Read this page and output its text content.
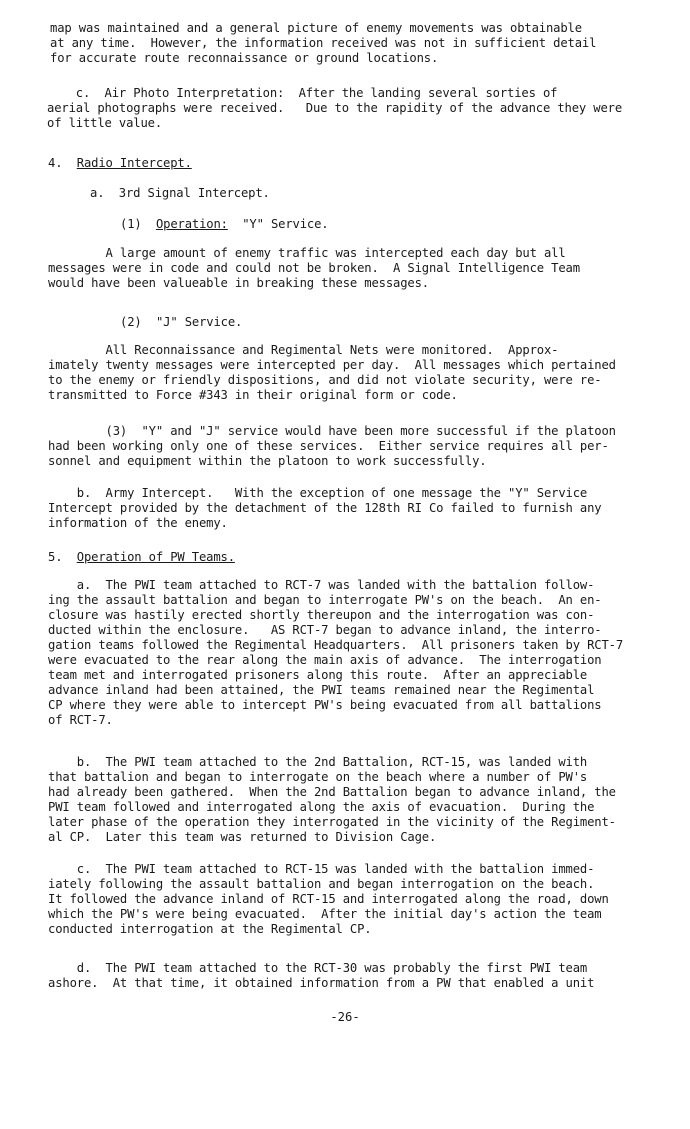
map was maintained and a general picture of enemy movements was obtainable
at any time.  However, the information received was not in sufficient detail
for accurate route reconnaissance or ground locations.

c.  Air Photo Interpretation:  After the landing several sorties of
aerial photographs were received.   Due to the rapidity of the advance they were
of little value.

4. Radio Intercept.

a.  3rd Signal Intercept.

(1) Operation:  "Y" Service.

A large amount of enemy traffic was intercepted each day but all
messages were in code and could not be broken.  A Signal Intelligence Team
would have been valueable in breaking these messages.

(2)  "J" Service.

All Reconnaissance and Regimental Nets were monitored.  Approx-
imately twenty messages were intercepted per day.  All messages which pertained
to the enemy or friendly dispositions, and did not violate security, were re-
transmitted to Force #343 in their original form or code.

(3)  "Y" and "J" service would have been more successful if the platoon
had been working only one of these services.  Either service requires all per-
sonnel and equipment within the platoon to work successfully.

b.  Army Intercept.   With the exception of one message the "Y" Service
Intercept provided by the detachment of the 128th RI Co failed to furnish any
information of the enemy.

5. Operation of PW Teams.

a.  The PWI team attached to RCT-7 was landed with the battalion follow-
ing the assault battalion and began to interrogate PW's on the beach.  An en-
closure was hastily erected shortly thereupon and the interrogation was con-
ducted within the enclosure.   AS RCT-7 began to advance inland, the interro-
gation teams followed the Regimental Headquarters.  All prisoners taken by RCT-7
were evacuated to the rear along the main axis of advance.  The interrogation
team met and interrogated prisoners along this route.  After an appreciable
advance inland had been attained, the PWI teams remained near the Regimental
CP where they were able to intercept PW's being evacuated from all battalions
of RCT-7.

b.  The PWI team attached to the 2nd Battalion, RCT-15, was landed with
that battalion and began to interrogate on the beach where a number of PW's
had already been gathered.  When the 2nd Battalion began to advance inland, the
PWI team followed and interrogated along the axis of evacuation.  During the
later phase of the operation they interrogated in the vicinity of the Regiment-
al CP.  Later this team was returned to Division Cage.

c.  The PWI team attached to RCT-15 was landed with the battalion immed-
iately following the assault battalion and began interrogation on the beach.
It followed the advance inland of RCT-15 and interrogated along the road, down
which the PW's were being evacuated.  After the initial day's action the team
conducted interrogation at the Regimental CP.

d.  The PWI team attached to the RCT-30 was probably the first PWI team
ashore.  At that time, it obtained information from a PW that enabled a unit

-26-
